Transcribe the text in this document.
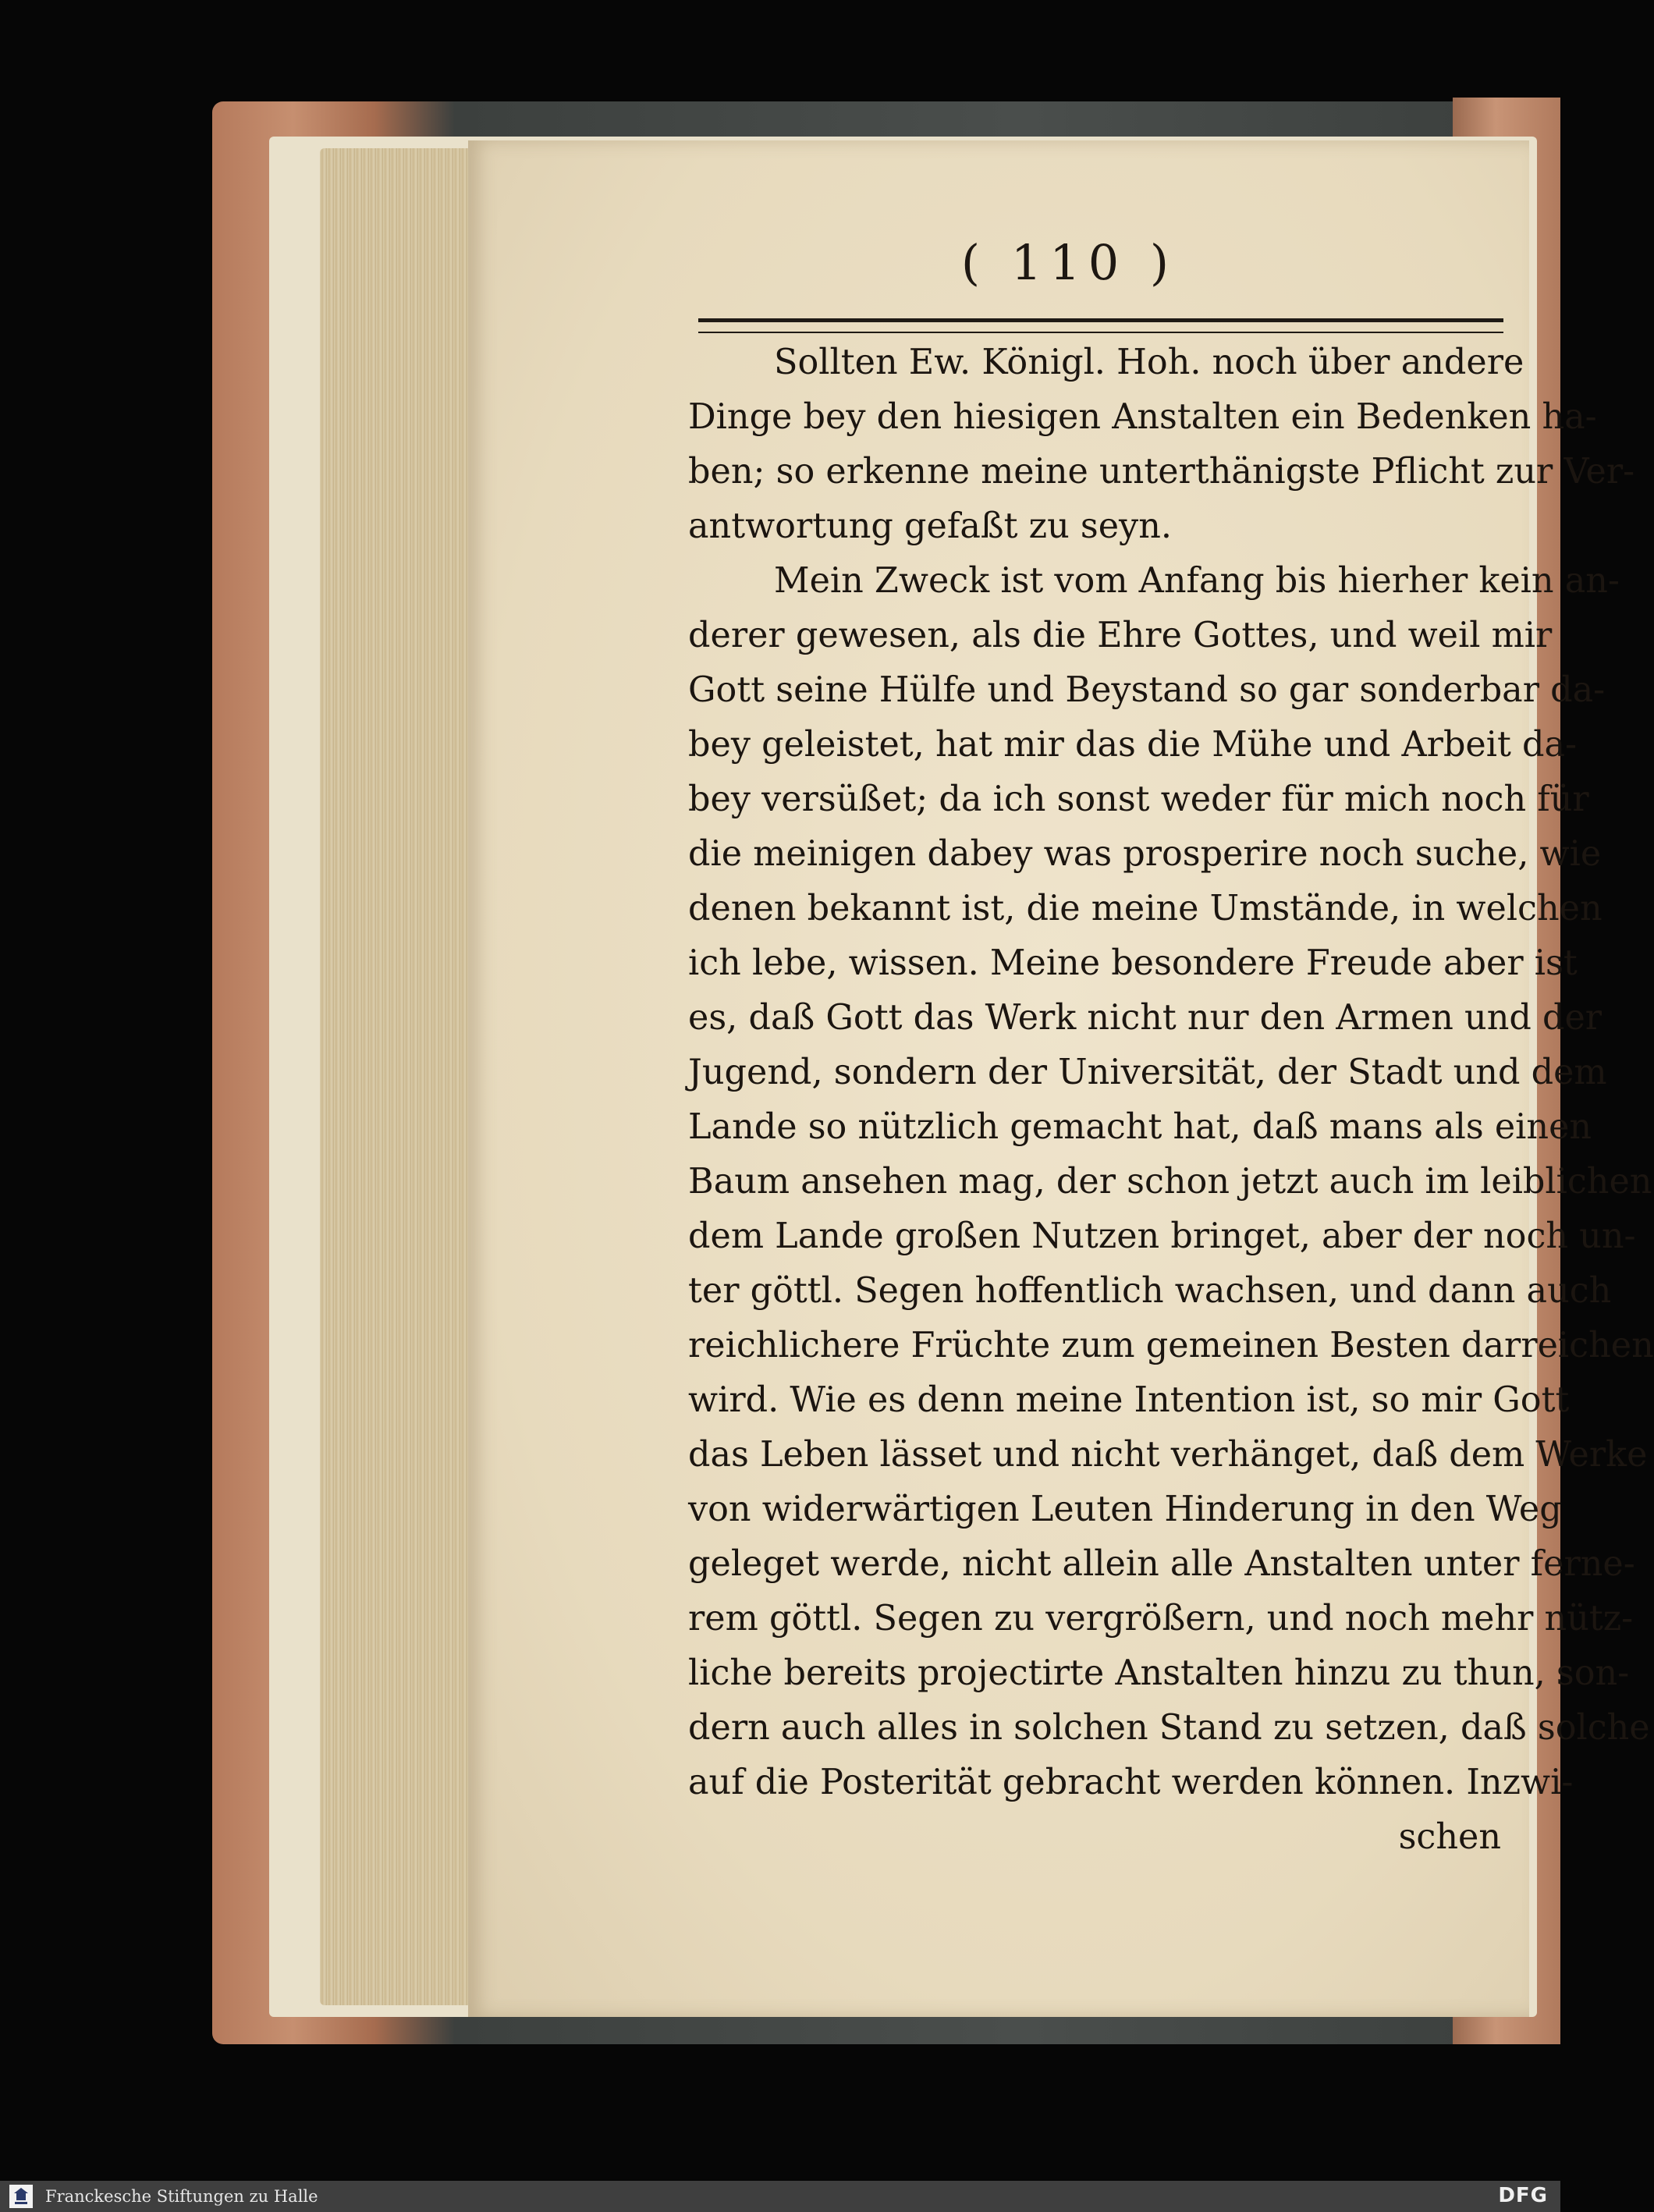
( 110 )
Sollten Ew. Königl. Hoh. noch über andere
Dinge bey den hiesigen Anstalten ein Bedenken ha-
ben; so erkenne meine unterthänigste Pflicht zur Ver-
antwortung gefaßt zu seyn.
Mein Zweck ist vom Anfang bis hierher kein an-
derer gewesen, als die Ehre Gottes, und weil mir
Gott seine Hülfe und Beystand so gar sonderbar da-
bey geleistet, hat mir das die Mühe und Arbeit da-
bey versüßet; da ich sonst weder für mich noch für
die meinigen dabey was prosperire noch suche, wie
denen bekannt ist, die meine Umstände, in welchen
ich lebe, wissen. Meine besondere Freude aber ist
es, daß Gott das Werk nicht nur den Armen und der
Jugend, sondern der Universität, der Stadt und dem
Lande so nützlich gemacht hat, daß mans als einen
Baum ansehen mag, der schon jetzt auch im leiblichen
dem Lande großen Nutzen bringet, aber der noch un-
ter göttl. Segen hoffentlich wachsen, und dann auch
reichlichere Früchte zum gemeinen Besten darreichen
wird. Wie es denn meine Intention ist, so mir Gott
das Leben lässet und nicht verhänget, daß dem Werke
von widerwärtigen Leuten Hinderung in den Weg
geleget werde, nicht allein alle Anstalten unter ferne-
rem göttl. Segen zu vergrößern, und noch mehr nütz-
liche bereits projectirte Anstalten hinzu zu thun, son-
dern auch alles in solchen Stand zu setzen, daß solche
auf die Posterität gebracht werden können. Inzwi-
schen
Franckesche Stiftungen zu Halle	DFG
